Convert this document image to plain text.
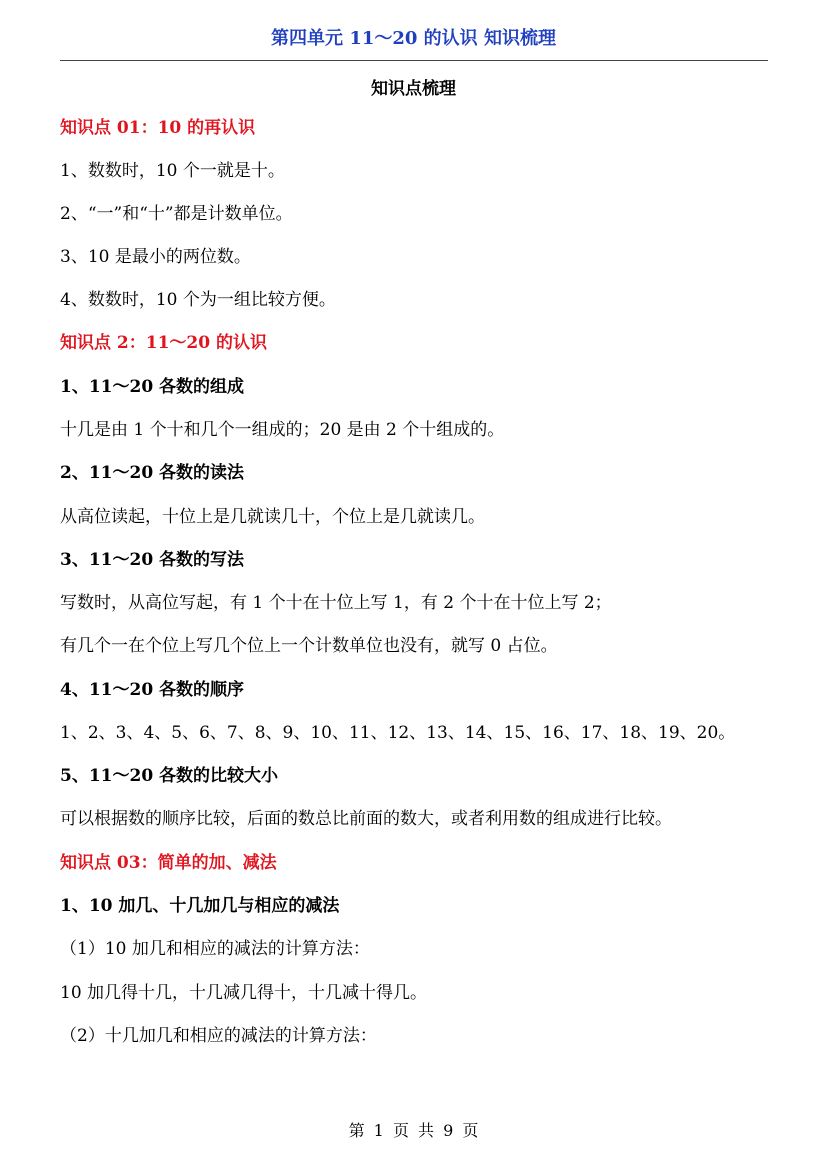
第四单元 11～20 的认识 知识梳理
知识点梳理
知识点 01：10 的再认识
1、数数时，10 个一就是十。
2、“一”和“十”都是计数单位。
3、10 是最小的两位数。
4、数数时，10 个为一组比较方便。
知识点 2：11～20 的认识
1、11～20 各数的组成
十几是由 1 个十和几个一组成的；20 是由 2 个十组成的。
2、11～20 各数的读法
从高位读起，十位上是几就读几十，个位上是几就读几。
3、11～20 各数的写法
写数时，从高位写起，有 1 个十在十位上写 1，有 2 个十在十位上写 2；
有几个一在个位上写几个位上一个计数单位也没有，就写 0 占位。
4、11～20 各数的顺序
1、2、3、4、5、6、7、8、9、10、11、12、13、14、15、16、17、18、19、20。
5、11～20 各数的比较大小
可以根据数的顺序比较，后面的数总比前面的数大，或者利用数的组成进行比较。
知识点 03：简单的加、减法
1、10 加几、十几加几与相应的减法
（1）10 加几和相应的减法的计算方法：
10 加几得十几，十几减几得十，十几减十得几。
（2）十几加几和相应的减法的计算方法：
第 1 页 共 9 页
